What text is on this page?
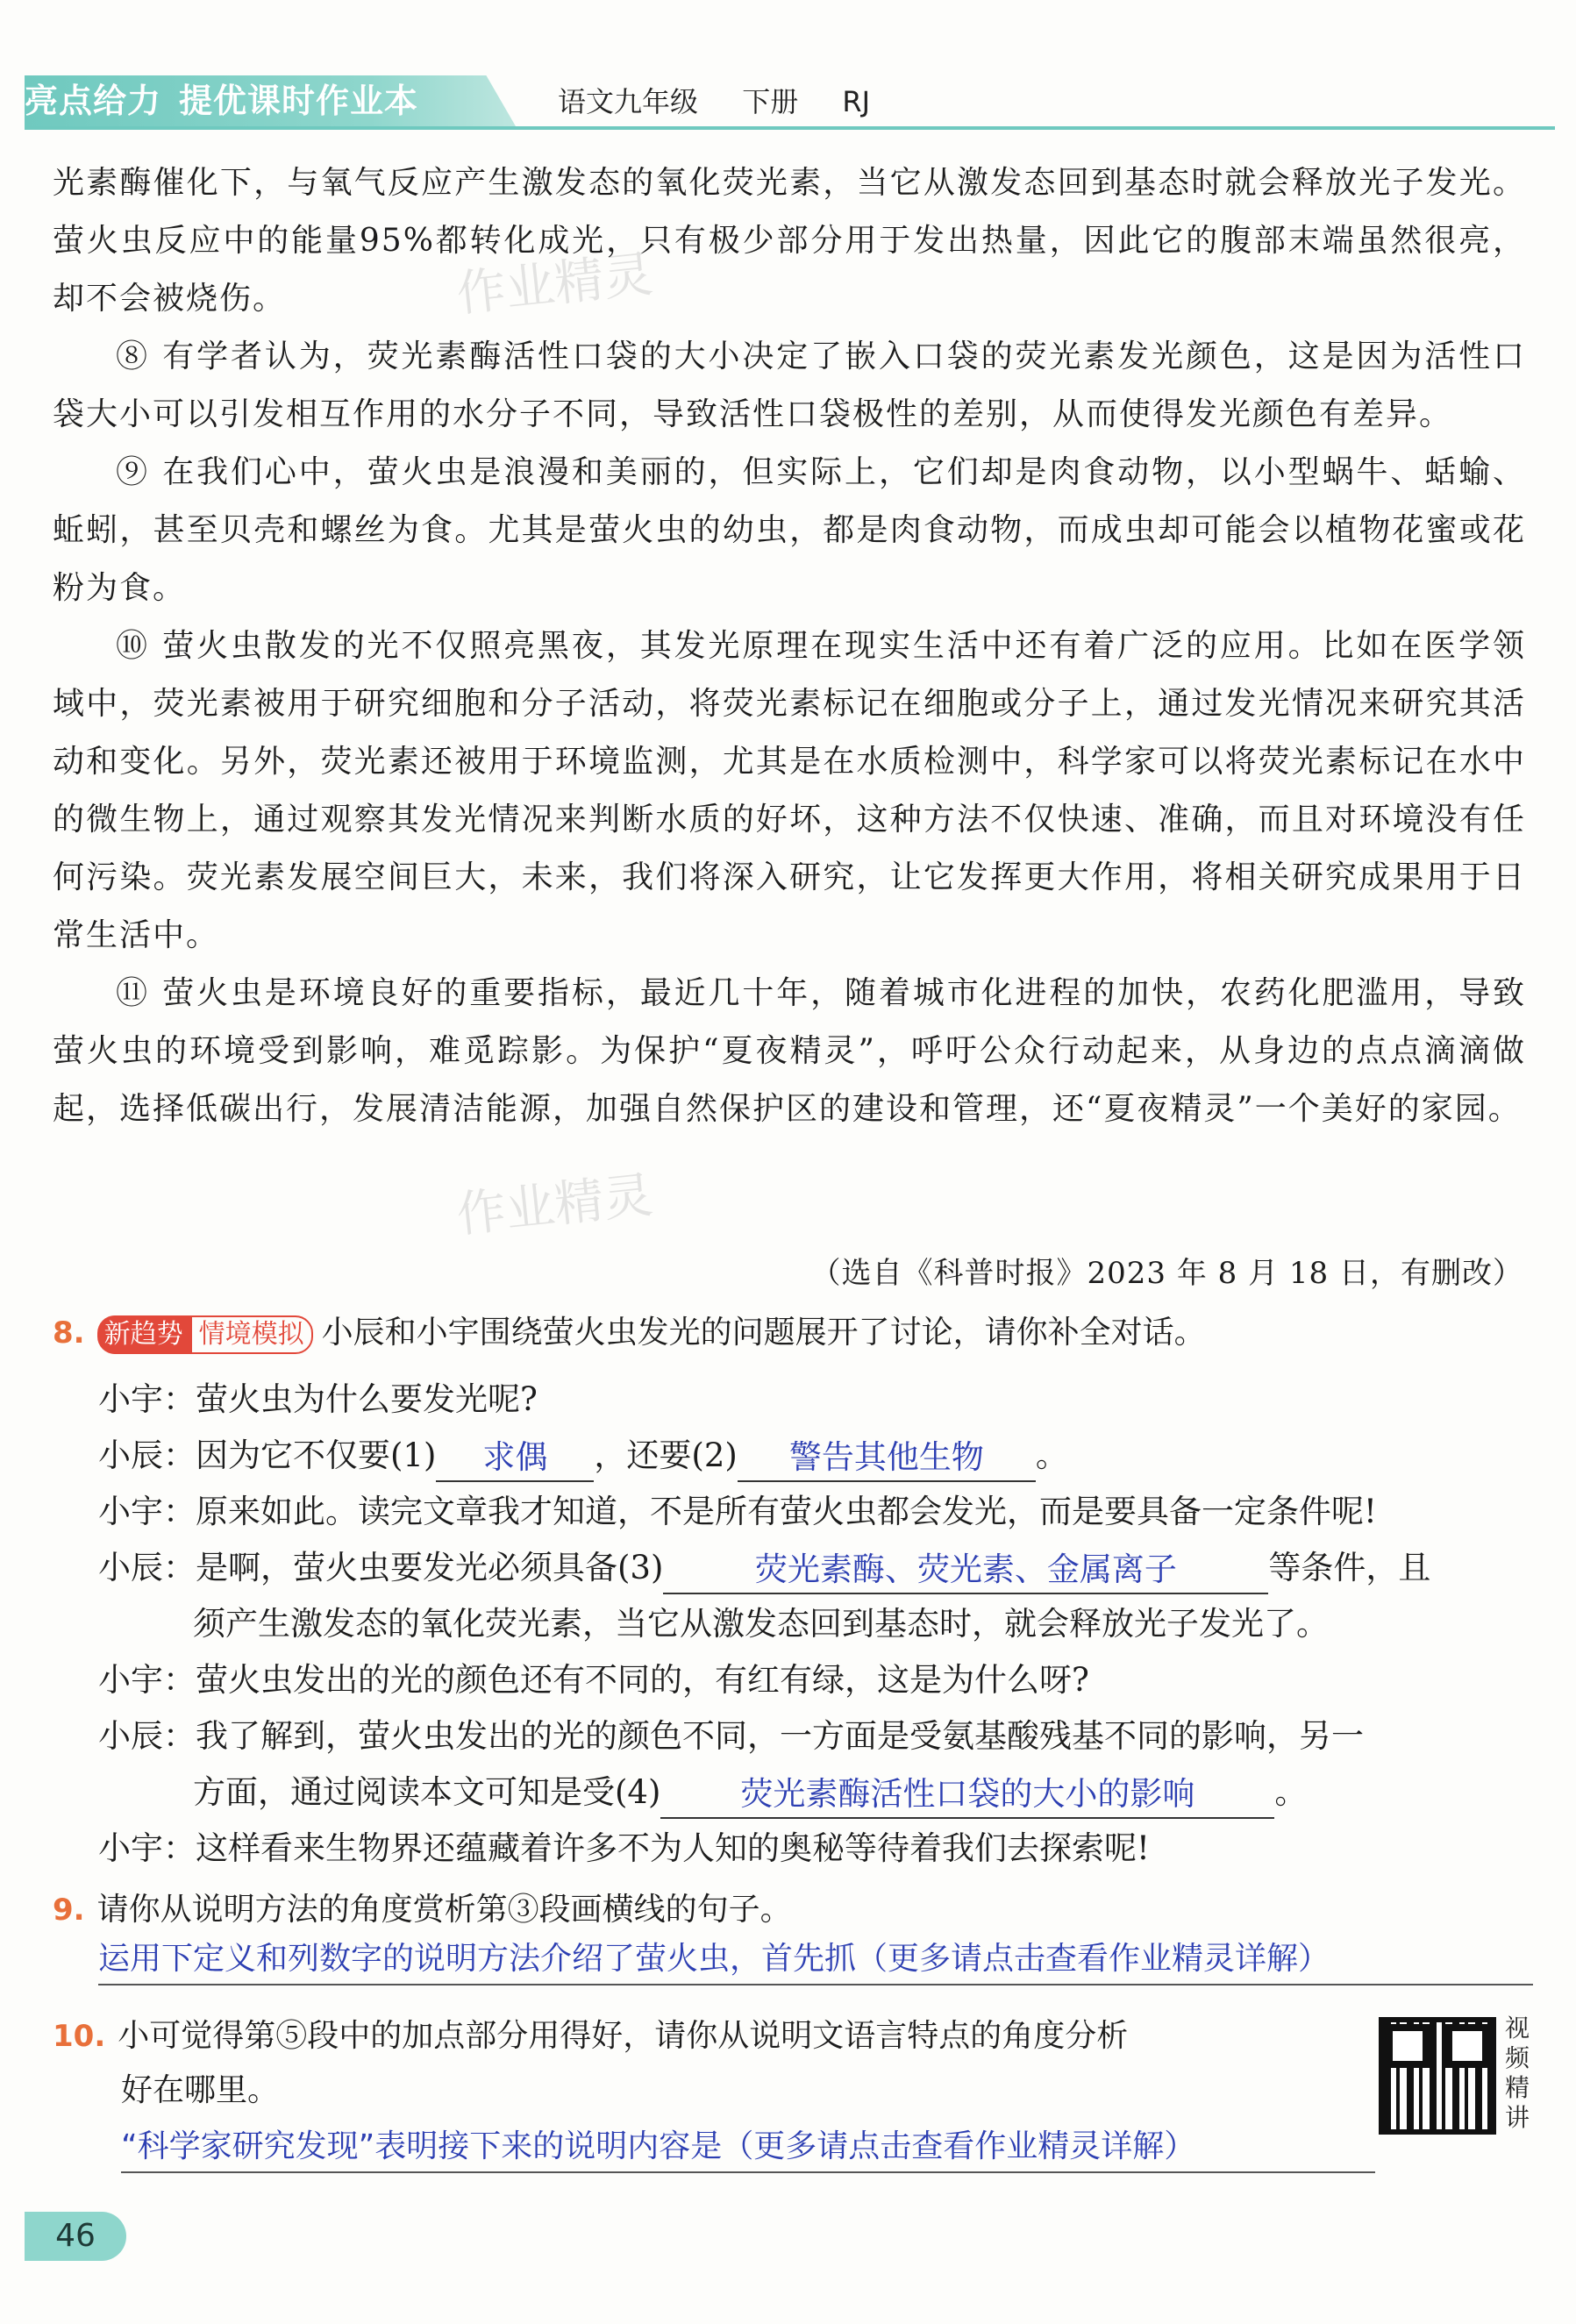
亮点给力 提优课时作业本	语文九年级 下册 RJ
作业精灵
作业精灵

光素酶催化下，与氧气反应产生激发态的氧化荧光素，当它从激发态回到基态时就会释放光子发光。萤火虫反应中的能量95%都转化成光，只有极少部分用于发出热量，因此它的腹部末端虽然很亮，却不会被烧伤。

⑧ 有学者认为，荧光素酶活性口袋的大小决定了嵌入口袋的荧光素发光颜色，这是因为活性口袋大小可以引发相互作用的水分子不同，导致活性口袋极性的差别，从而使得发光颜色有差异。

⑨ 在我们心中，萤火虫是浪漫和美丽的，但实际上，它们却是肉食动物，以小型蜗牛、蛞蝓、蚯蚓，甚至贝壳和螺丝为食。尤其是萤火虫的幼虫，都是肉食动物，而成虫却可能会以植物花蜜或花粉为食。

⑩ 萤火虫散发的光不仅照亮黑夜，其发光原理在现实生活中还有着广泛的应用。比如在医学领域中，荧光素被用于研究细胞和分子活动，将荧光素标记在细胞或分子上，通过发光情况来研究其活动和变化。另外，荧光素还被用于环境监测，尤其是在水质检测中，科学家可以将荧光素标记在水中的微生物上，通过观察其发光情况来判断水质的好坏，这种方法不仅快速、准确，而且对环境没有任何污染。荧光素发展空间巨大，未来，我们将深入研究，让它发挥更大作用，将相关研究成果用于日常生活中。

⑪ 萤火虫是环境良好的重要指标，最近几十年，随着城市化进程的加快，农药化肥滥用，导致萤火虫的环境受到影响，难觅踪影。为保护“夏夜精灵”，呼吁公众行动起来，从身边的点点滴滴做起，选择低碳出行，发展清洁能源，加强自然保护区的建设和管理，还“夏夜精灵”一个美好的家园。

（选自《科普时报》2023 年 8 月 18 日，有删改）
8. 新趋势 情境模拟 小辰和小宇围绕萤火虫发光的问题展开了讨论，请你补全对话。
小宇：萤火虫为什么要发光呢?
小辰：因为它不仅要(1) 求偶 ，还要(2) 警告其他生物 。
小宇：原来如此。读完文章我才知道，不是所有萤火虫都会发光，而是要具备一定条件呢!
小辰：是啊，萤火虫要发光必须具备(3)	荧光素酶、荧光素、金属离子	等条件，且
须产生激发态的氧化荧光素，当它从激发态回到基态时，就会释放光子发光了。
小宇：萤火虫发出的光的颜色还有不同的，有红有绿，这是为什么呀?
小辰：我了解到，萤火虫发出的光的颜色不同，一方面是受氨基酸残基不同的影响，另一
方面，通过阅读本文可知是受(4) 荧光素酶活性口袋的大小的影响 。
小宇：这样看来生物界还蕴藏着许多不为人知的奥秘等待着我们去探索呢!
9. 请你从说明方法的角度赏析第③段画横线的句子。
运用下定义和列数字的说明方法介绍了萤火虫，首先抓（更多请点击查看作业精灵详解）
10. 小可觉得第⑤段中的加点部分用得好，请你从说明文语言特点的角度分析
好在哪里。
“科学家研究发现”表明接下来的说明内容是（更多请点击查看作业精灵详解）
视频精讲
46
